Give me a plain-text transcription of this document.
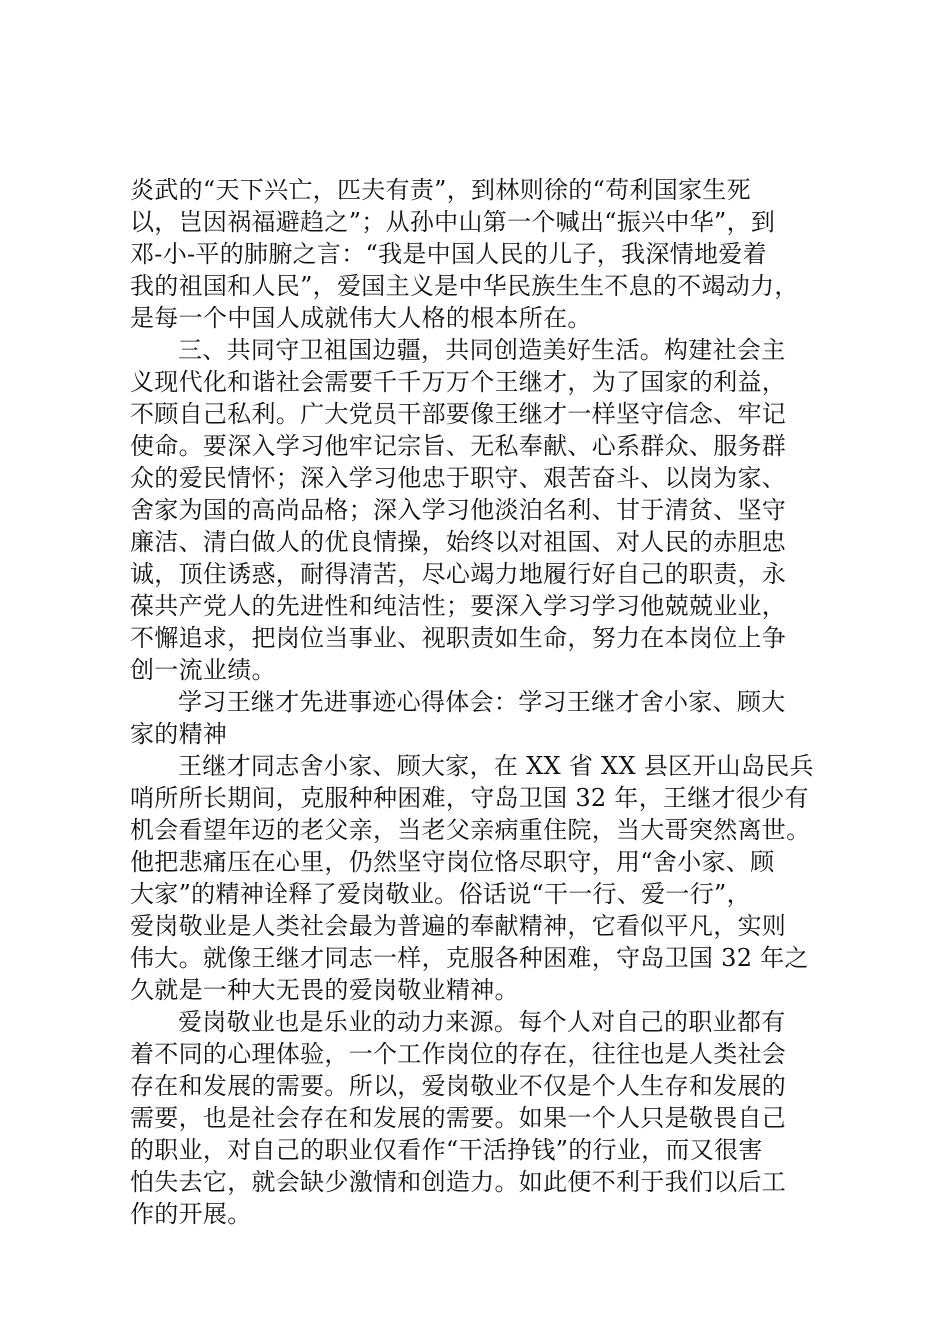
炎武的“天下兴亡，匹夫有责”，到林则徐的“苟利国家生死
以，岂因祸福避趋之”；从孙中山第一个喊出“振兴中华”，到
邓-小-平的肺腑之言：“我是中国人民的儿子，我深情地爱着
我的祖国和人民”，爱国主义是中华民族生生不息的不竭动力，
是每一个中国人成就伟大人格的根本所在。
三、共同守卫祖国边疆，共同创造美好生活。构建社会主
义现代化和谐社会需要千千万万个王继才，为了国家的利益，
不顾自己私利。广大党员干部要像王继才一样坚守信念、牢记
使命。要深入学习他牢记宗旨、无私奉献、心系群众、服务群
众的爱民情怀；深入学习他忠于职守、艰苦奋斗、以岗为家、
舍家为国的高尚品格；深入学习他淡泊名利、甘于清贫、坚守
廉洁、清白做人的优良情操，始终以对祖国、对人民的赤胆忠
诚，顶住诱惑，耐得清苦，尽心竭力地履行好自己的职责，永
葆共产党人的先进性和纯洁性；要深入学习学习他兢兢业业，
不懈追求，把岗位当事业、视职责如生命，努力在本岗位上争
创一流业绩。
学习王继才先进事迹心得体会：学习王继才舍小家、顾大
家的精神
王继才同志舍小家、顾大家，在 XX 省 XX 县区开山岛民兵
哨所所长期间，克服种种困难，守岛卫国 32 年，王继才很少有
机会看望年迈的老父亲，当老父亲病重住院，当大哥突然离世。
他把悲痛压在心里，仍然坚守岗位恪尽职守，用“舍小家、顾
大家”的精神诠释了爱岗敬业。俗话说“干一行、爱一行”，
爱岗敬业是人类社会最为普遍的奉献精神，它看似平凡，实则
伟大。就像王继才同志一样，克服各种困难，守岛卫国 32 年之
久就是一种大无畏的爱岗敬业精神。
爱岗敬业也是乐业的动力来源。每个人对自己的职业都有
着不同的心理体验，一个工作岗位的存在，往往也是人类社会
存在和发展的需要。所以，爱岗敬业不仅是个人生存和发展的
需要，也是社会存在和发展的需要。如果一个人只是敬畏自己
的职业，对自己的职业仅看作“干活挣钱”的行业，而又很害
怕失去它，就会缺少激情和创造力。如此便不利于我们以后工
作的开展。
